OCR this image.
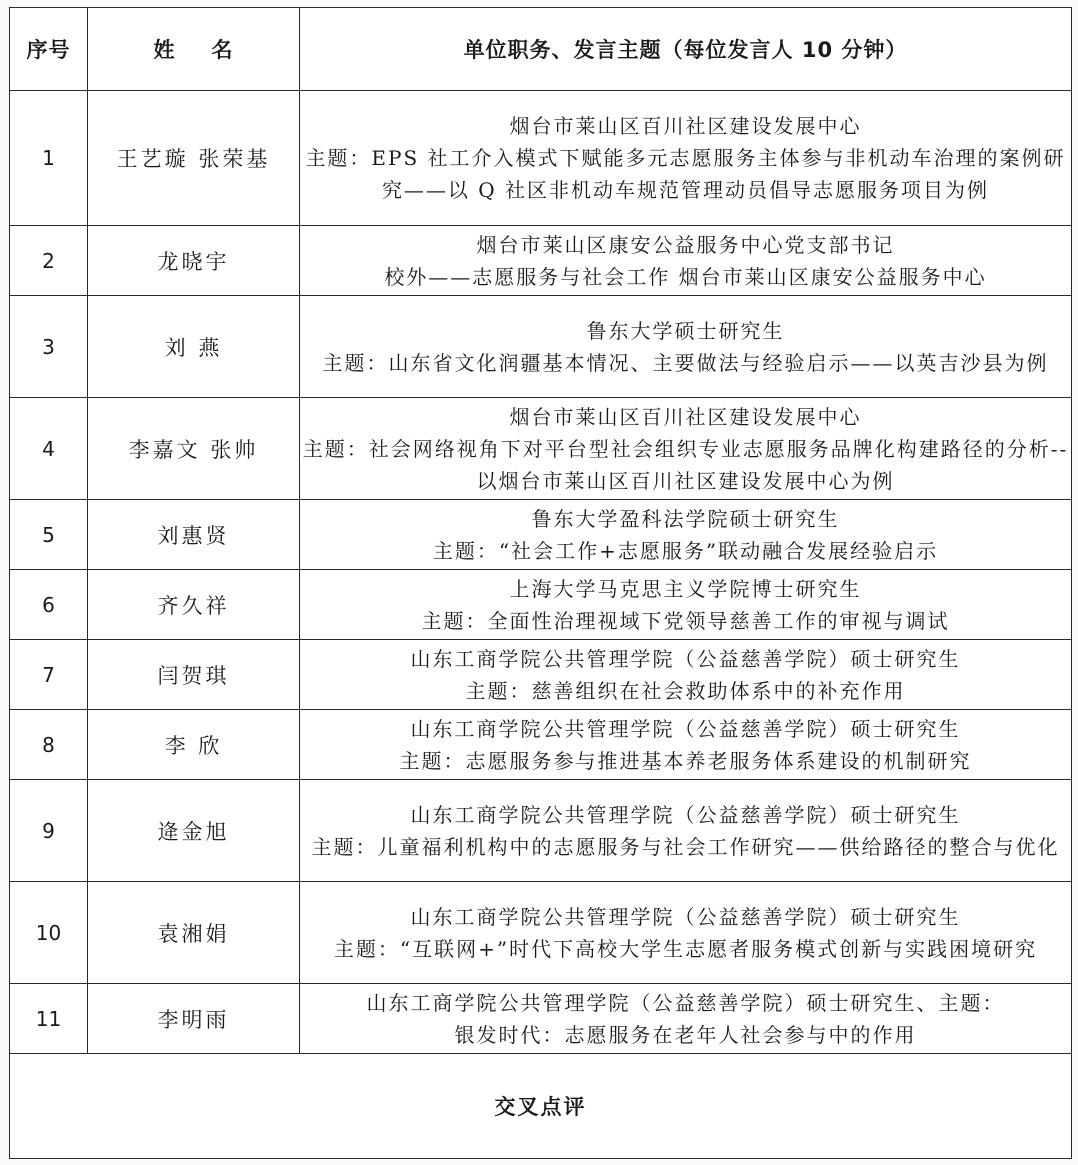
序号	姓 名	单位职务、发言主题（每位发言人 10 分钟）
1	王艺璇 张荣基	烟台市莱山区百川社区建设发展中心
主题：EPS 社工介入模式下赋能多元志愿服务主体参与非机动车治理的案例研究——以 Q 社区非机动车规范管理动员倡导志愿服务项目为例

2	龙晓宇	烟台市莱山区康安公益服务中心党支部书记
校外——志愿服务与社会工作 烟台市莱山区康安公益服务中心

3	刘 燕	鲁东大学硕士研究生
主题：山东省文化润疆基本情况、主要做法与经验启示——以英吉沙县为例

4	李嘉文 张帅	烟台市莱山区百川社区建设发展中心
主题：社会网络视角下对平台型社会组织专业志愿服务品牌化构建路径的分析--以烟台市莱山区百川社区建设发展中心为例

5	刘惠贤	鲁东大学盈科法学院硕士研究生
主题：“社会工作+志愿服务”联动融合发展经验启示

6	齐久祥	上海大学马克思主义学院博士研究生
主题：全面性治理视域下党领导慈善工作的审视与调试

7	闫贺琪	山东工商学院公共管理学院（公益慈善学院）硕士研究生
主题：慈善组织在社会救助体系中的补充作用

8	李 欣	山东工商学院公共管理学院（公益慈善学院）硕士研究生
主题：志愿服务参与推进基本养老服务体系建设的机制研究

9	逄金旭	山东工商学院公共管理学院（公益慈善学院）硕士研究生
主题：儿童福利机构中的志愿服务与社会工作研究——供给路径的整合与优化

10	袁湘娟	山东工商学院公共管理学院（公益慈善学院）硕士研究生
主题：“互联网+”时代下高校大学生志愿者服务模式创新与实践困境研究

11	李明雨	山东工商学院公共管理学院（公益慈善学院）硕士研究生、主题：
银发时代：志愿服务在老年人社会参与中的作用

交叉点评		
